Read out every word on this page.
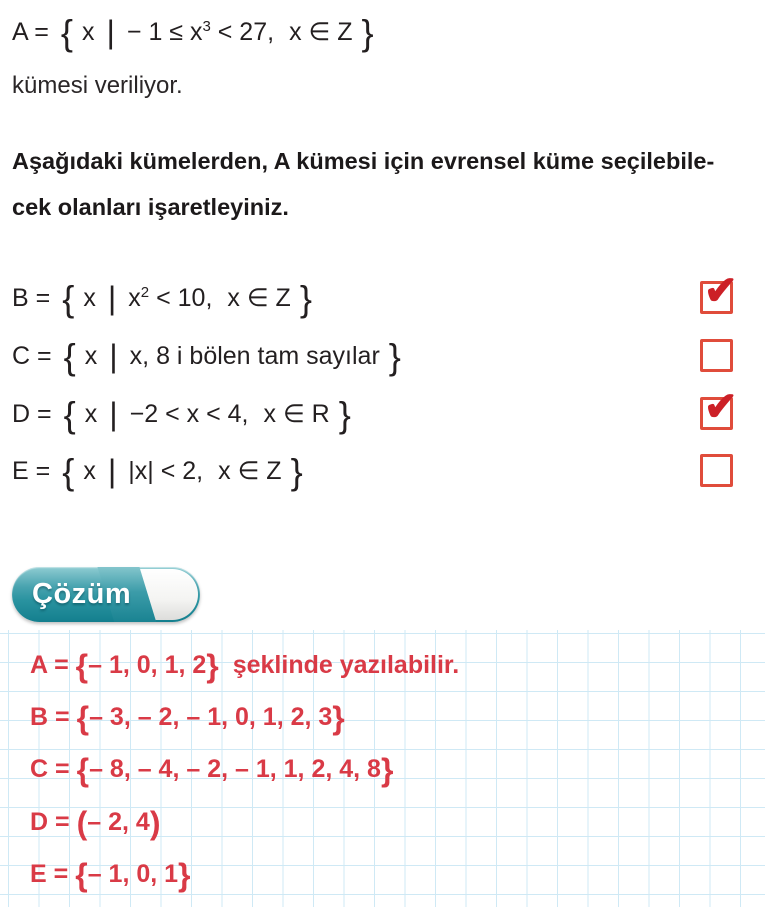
A = { x | − $1 \le x^3 < 27$, x ∈ Z }
kümesi veriliyor.
Aşağıdaki kümelerden, A kümesi için evrensel küme seçilebile-
cek olanları işaretleyiniz.
B = { x | $x^2 < 10$, x ∈ Z }	✔
C = { x | x, 8 i bölen tam sayılar }
D = { x | −2 < x < 4, x ∈ R }	✔
E = { x | |x| < 2, x ∈ Z }
Çözüm
A = {– 1, 0, 1, 2} şeklinde yazılabilir.
B = {– 3, – 2, – 1, 0, 1, 2, 3}
C = {– 8, – 4, – 2, – 1, 1, 2, 4, 8}
D = (– 2, 4)
E = {– 1, 0, 1}
